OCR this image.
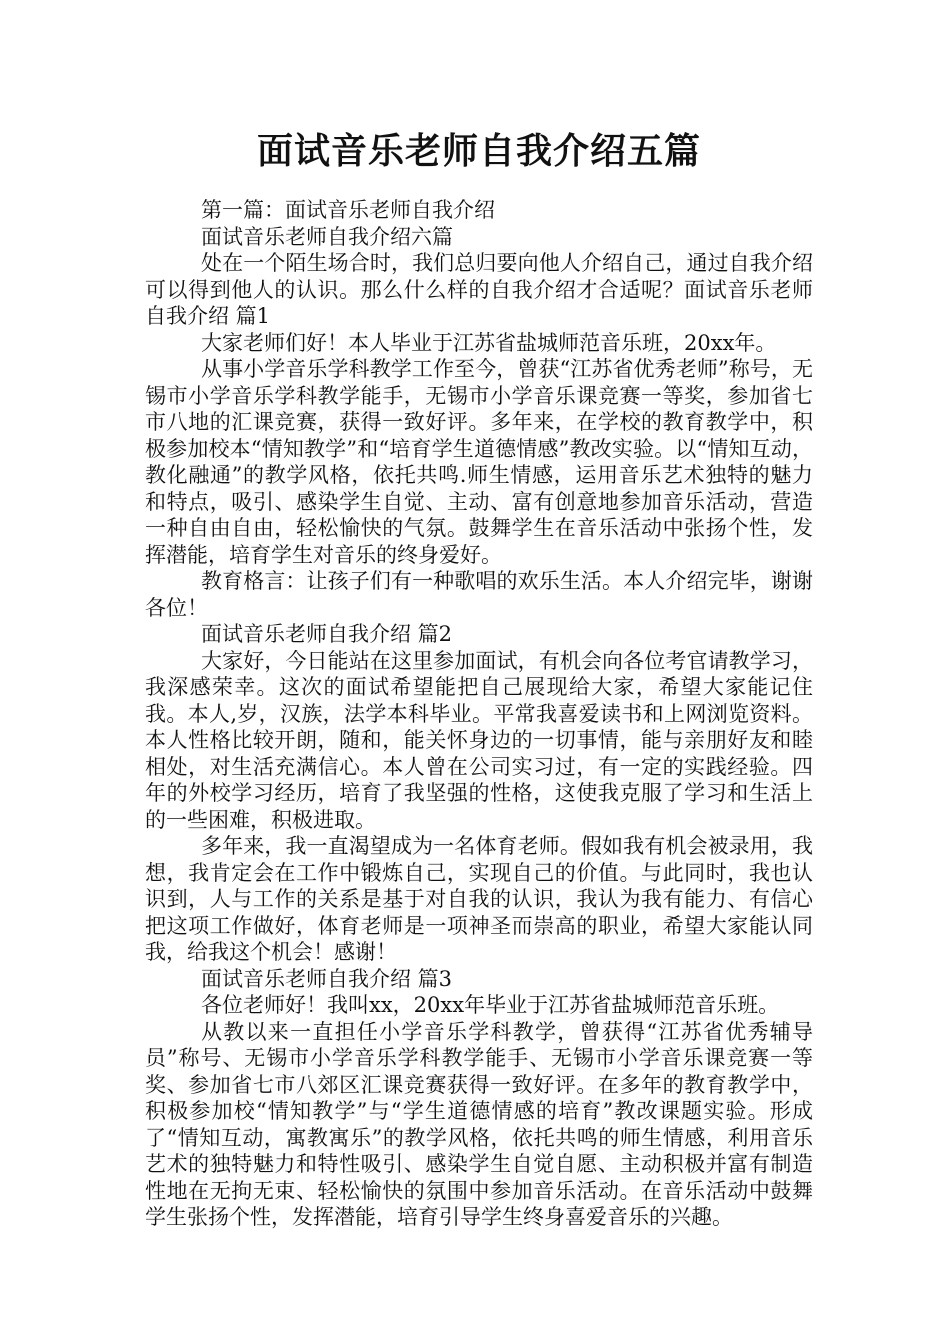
面试音乐老师自我介绍五篇

第一篇：面试音乐老师自我介绍

面试音乐老师自我介绍六篇

处在一个陌生场合时，我们总归要向他人介绍自己，通过自我介绍可以得到他人的认识。那么什么样的自我介绍才合适呢？面试音乐老师自我介绍 篇1

大家老师们好！本人毕业于江苏省盐城师范音乐班，20xx年。

从事小学音乐学科教学工作至今，曾获“江苏省优秀老师”称号，无锡市小学音乐学科教学能手，无锡市小学音乐课竞赛一等奖，参加省七市八地的汇课竞赛，获得一致好评。多年来，在学校的教育教学中，积极参加校本“情知教学”和“培育学生道德情感”教改实验。以“情知互动，教化融通”的教学风格，依托共鸣.师生情感，运用音乐艺术独特的魅力和特点，吸引、感染学生自觉、主动、富有创意地参加音乐活动，营造一种自由自由，轻松愉快的气氛。鼓舞学生在音乐活动中张扬个性，发挥潜能，培育学生对音乐的终身爱好。

教育格言：让孩子们有一种歌唱的欢乐生活。本人介绍完毕，谢谢各位！

面试音乐老师自我介绍 篇2

大家好，今日能站在这里参加面试，有机会向各位考官请教学习，我深感荣幸。这次的面试希望能把自己展现给大家，希望大家能记住我。本人,岁，汉族，法学本科毕业。平常我喜爱读书和上网浏览资料。本人性格比较开朗，随和，能关怀身边的一切事情，能与亲朋好友和睦相处，对生活充满信心。本人曾在公司实习过，有一定的实践经验。四年的外校学习经历，培育了我坚强的性格，这使我克服了学习和生活上的一些困难，积极进取。

多年来，我一直渴望成为一名体育老师。假如我有机会被录用，我想，我肯定会在工作中锻炼自己，实现自己的价值。与此同时，我也认识到，人与工作的关系是基于对自我的认识，我认为我有能力、有信心把这项工作做好，体育老师是一项神圣而崇高的职业，希望大家能认同我，给我这个机会！感谢！

面试音乐老师自我介绍 篇3

各位老师好！我叫xx，20xx年毕业于江苏省盐城师范音乐班。

从教以来一直担任小学音乐学科教学，曾获得“江苏省优秀辅导员”称号、无锡市小学音乐学科教学能手、无锡市小学音乐课竞赛一等奖、参加省七市八郊区汇课竞赛获得一致好评。在多年的教育教学中，积极参加校“情知教学”与“学生道德情感的培育”教改课题实验。形成了“情知互动，寓教寓乐”的教学风格，依托共鸣的师生情感，利用音乐艺术的独特魅力和特性吸引、感染学生自觉自愿、主动积极并富有制造性地在无拘无束、轻松愉快的氛围中参加音乐活动。在音乐活动中鼓舞学生张扬个性，发挥潜能，培育引导学生终身喜爱音乐的兴趣。
